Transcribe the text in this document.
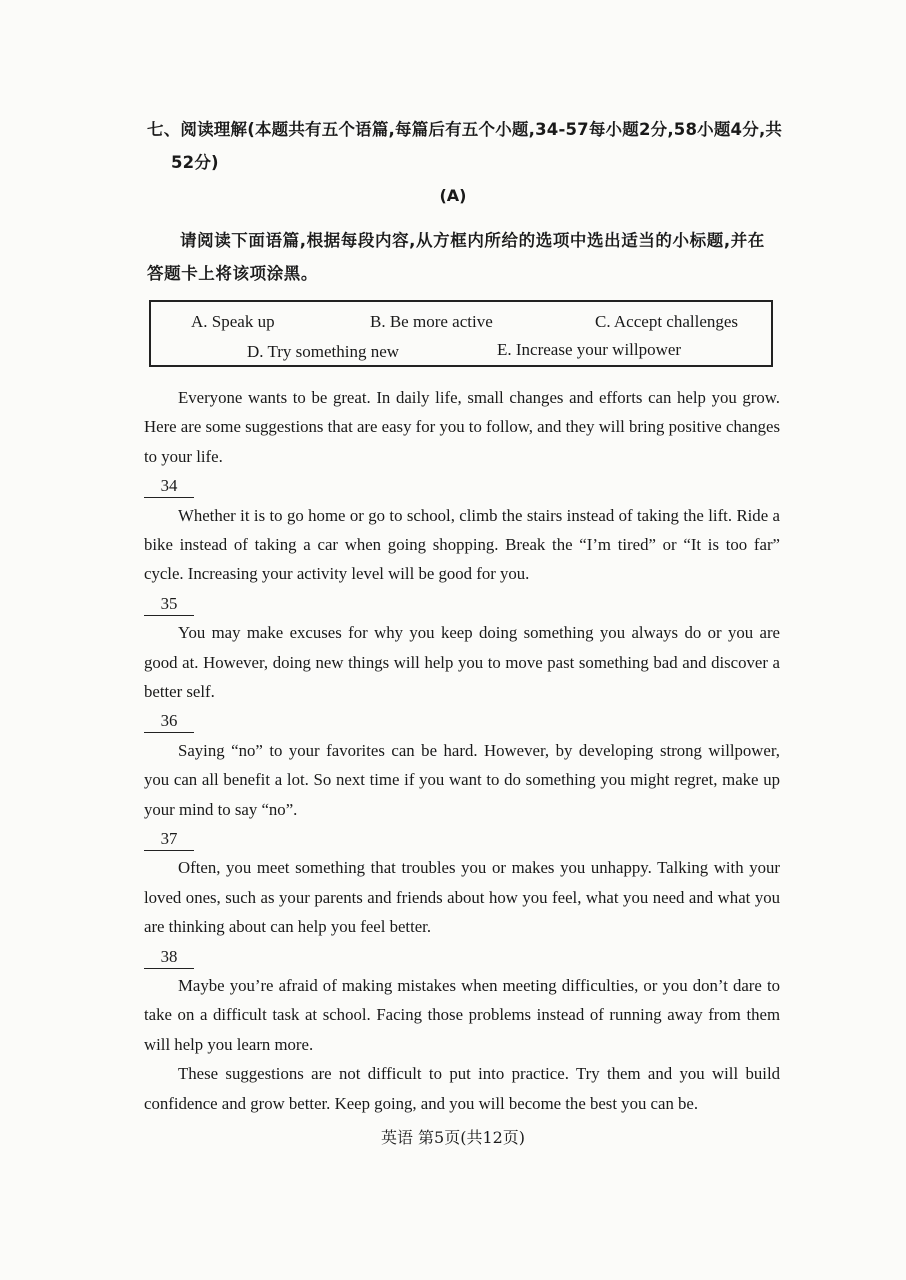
七、阅读理解(本题共有五个语篇,每篇后有五个小题,34-57每小题2分,58小题4分,共
52分)
(A)
请阅读下面语篇,根据每段内容,从方框内所给的选项中选出适当的小标题,并在答题卡上将该项涂黑。
A. Speak up	B. Be more active	C. Accept challenges
D. Try something new	E. Increase your willpower

Everyone wants to be great. In daily life, small changes and efforts can help you grow. Here are some suggestions that are easy for you to follow, and they will bring positive changes to your life.

34

Whether it is to go home or go to school, climb the stairs instead of taking the lift. Ride a bike instead of taking a car when going shopping. Break the “I’m tired” or “It is too far” cycle. Increasing your activity level will be good for you.

35

You may make excuses for why you keep doing something you always do or you are good at. However, doing new things will help you to move past something bad and discover a better self.

36

Saying “no” to your favorites can be hard. However, by developing strong willpower, you can all benefit a lot. So next time if you want to do something you might regret, make up your mind to say “no”.

37

Often, you meet something that troubles you or makes you unhappy. Talking with your loved ones, such as your parents and friends about how you feel, what you need and what you are thinking about can help you feel better.

38

Maybe you’re afraid of making mistakes when meeting difficulties, or you don’t dare to take on a difficult task at school. Facing those problems instead of running away from them will help you learn more.

These suggestions are not difficult to put into practice. Try them and you will build confidence and grow better. Keep going, and you will become the best you can be.

英语 第5页(共12页)
